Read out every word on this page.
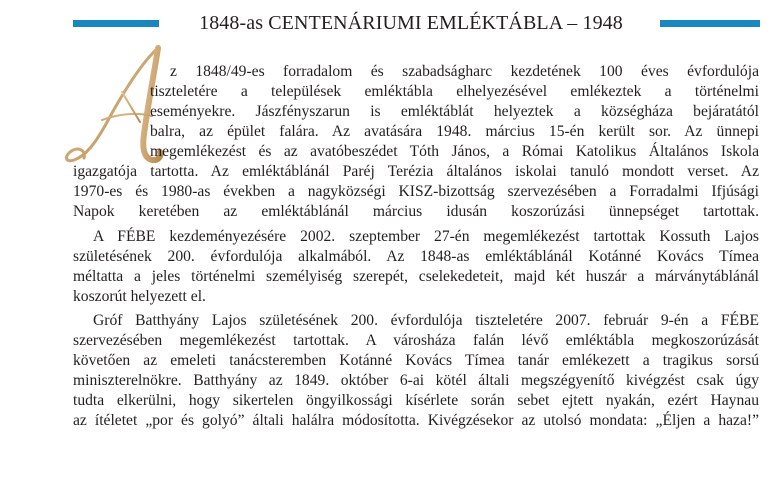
1848-as CENTENÁRIUMI EMLÉKTÁBLA – 1948
z 1848/49-es forradalom és szabadságharc kezdetének 100 éves évfordulója
tiszteletére a települések emléktábla elhelyezésével emlékeztek a történelmi
eseményekre. Jászfényszarun is emléktáblát helyeztek a községháza bejáratától
balra, az épület falára. Az avatására 1948. március 15-én került sor. Az ünnepi
megemlékezést és az avatóbeszédet Tóth János, a Római Katolikus Általános Iskola
igazgatója tartotta. Az emléktáblánál Paréj Terézia általános iskolai tanuló mondott verset. Az
1970-es és 1980-as években a nagyközségi KISZ-bizottság szervezésében a Forradalmi Ifjúsági
Napok keretében az emléktáblánál március idusán koszorúzási ünnepséget tartottak.
A FÉBE kezdeményezésére 2002. szeptember 27-én megemlékezést tartottak Kossuth Lajos
születésének 200. évfordulója alkalmából. Az 1848-as emléktáblánál Kotánné Kovács Tímea
méltatta a jeles történelmi személyiség szerepét, cselekedeteit, majd két huszár a márványtáblánál
koszorút helyezett el.
Gróf Batthyány Lajos születésének 200. évfordulója tiszteletére 2007. február 9-én a FÉBE
szervezésében megemlékezést tartottak. A városháza falán lévő emléktábla megkoszorúzását
követően az emeleti tanácsteremben Kotánné Kovács Tímea tanár emlékezett a tragikus sorsú
miniszterelnökre. Batthyány az 1849. október 6-ai kötél általi megszégyenítő kivégzést csak úgy
tudta elkerülni, hogy sikertelen öngyilkossági kísérlete során sebet ejtett nyakán, ezért Haynau
az ítéletet „por és golyó” általi halálra módosította. Kivégzésekor az utolsó mondata: „Éljen a haza!”
